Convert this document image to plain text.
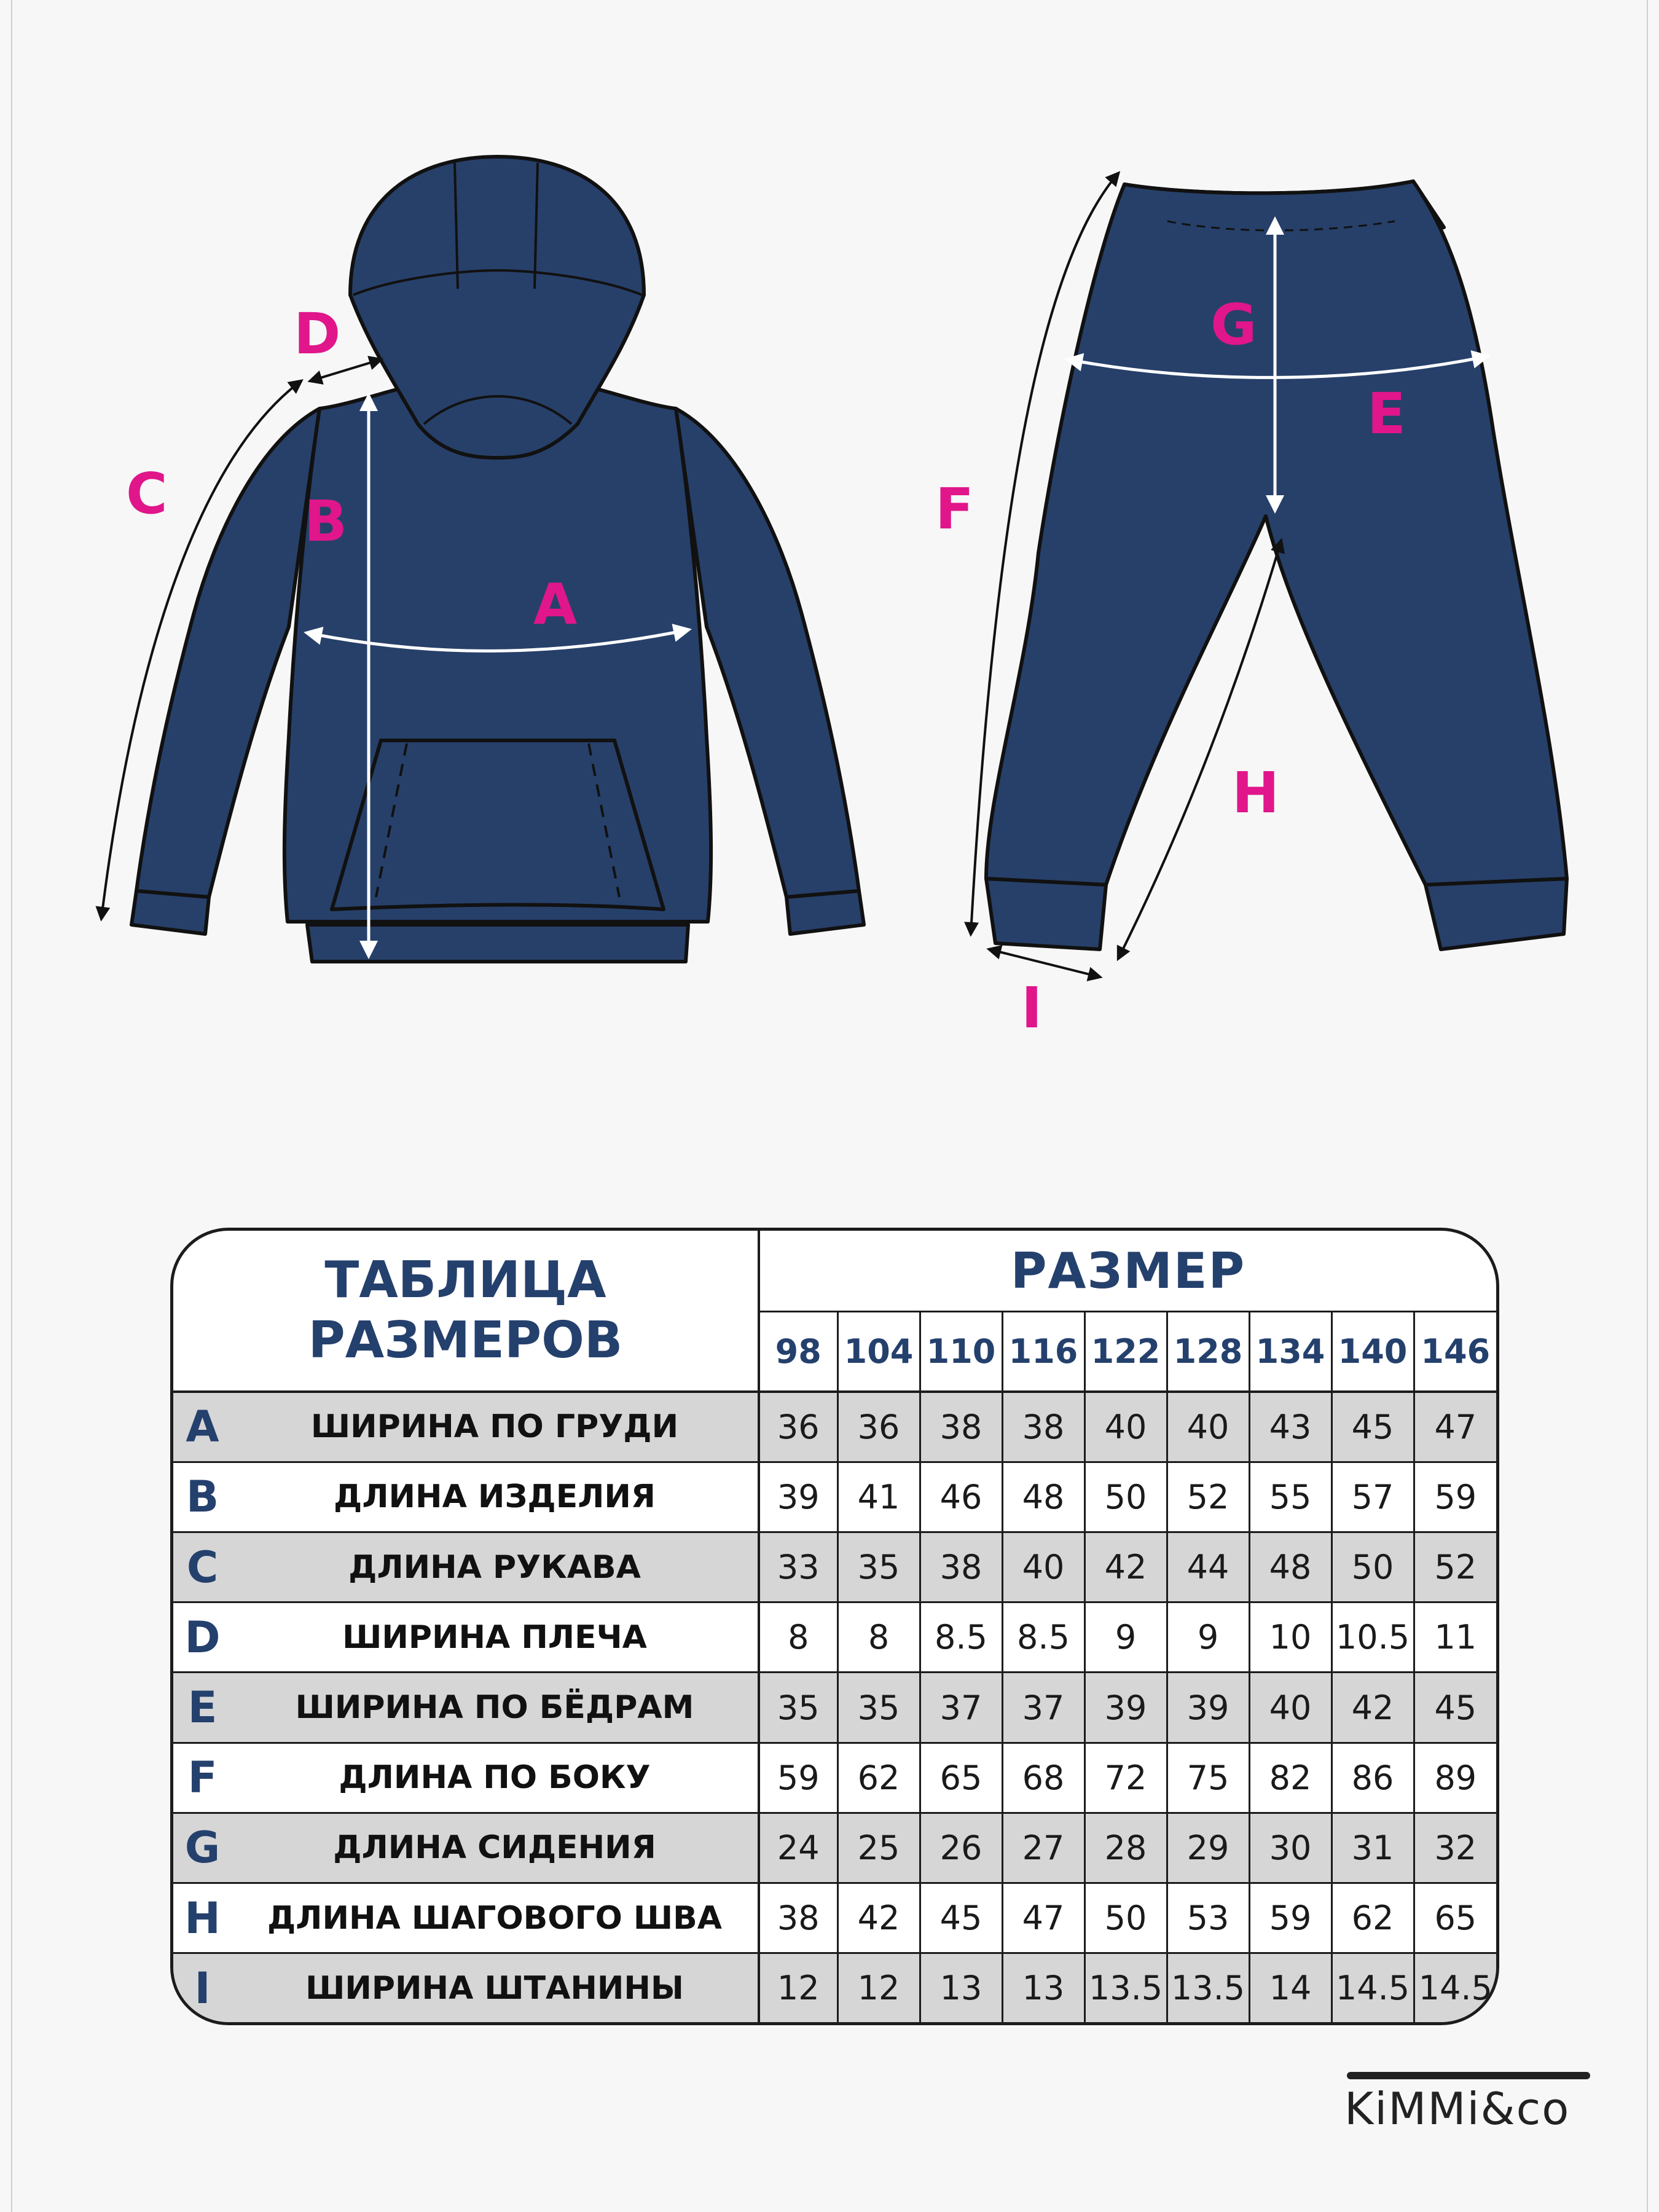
D
C B
A
G
E
F
H
I
ТАБЛИЦА РАЗМЕРОВ		РАЗМЕР								
		98	104	110	116	122	128	134	140	146
A	ШИРИНА ПО ГРУДИ	36	36	38	38	40	40	43	45	47
B	ДЛИНА ИЗДЕЛИЯ	39	41	46	48	50	52	55	57	59
C	ДЛИНА РУКАВА	33	35	38	40	42	44	48	50	52
D	ШИРИНА ПЛЕЧА	8	8	8.5	8.5	9	9	10	10.5	11
E	ШИРИНА ПО БЁДРАМ	35	35	37	37	39	39	40	42	45
F	ДЛИНА ПО БОКУ	59	62	65	68	72	75	82	86	89
G	ДЛИНА СИДЕНИЯ	24	25	26	27	28	29	30	31	32
H	ДЛИНА ШАГОВОГО ШВА	38	42	45	47	50	53	59	62	65
I	ШИРИНА ШТАНИНЫ	12	12	13	13	13.5	13.5	14	14.5	14.5
KiMMi&co
